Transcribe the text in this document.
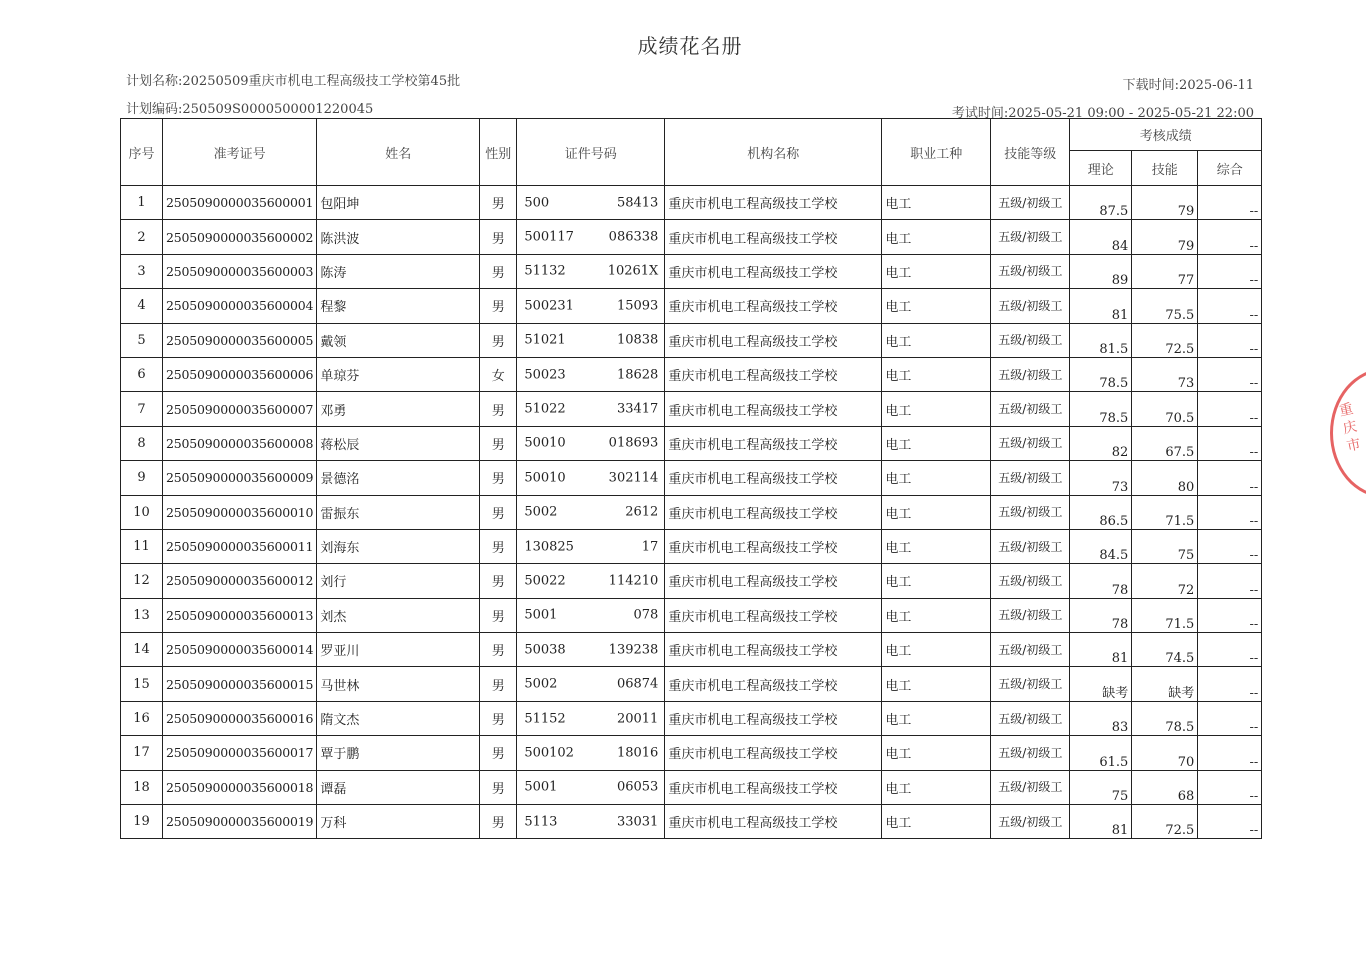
成绩花名册
计划名称:20250509重庆市机电工程高级技工学校第45批
计划编码:250509S0000500001220045
下载时间:2025-06-11
考试时间:2025-05-21 09:00 - 2025-05-21 22:00
序号	准考证号	姓名	性别	证件号码	机构名称	职业工种	技能等级	考核成绩		
								理论	技能	综合
1	2505090000035600001	包阳坤	男	500 58413	重庆市机电工程高级技工学校	电工	五级/初级工	87.5	79	--
2	2505090000035600002	陈洪波	男	500117 086338	重庆市机电工程高级技工学校	电工	五级/初级工	84	79	--
3	2505090000035600003	陈涛	男	51132 10261X	重庆市机电工程高级技工学校	电工	五级/初级工	89	77	--
4	2505090000035600004	程黎	男	500231 15093	重庆市机电工程高级技工学校	电工	五级/初级工	81	75.5	--
5	2505090000035600005	戴领	男	51021 10838	重庆市机电工程高级技工学校	电工	五级/初级工	81.5	72.5	--
6	2505090000035600006	单琼芬	女	50023 18628	重庆市机电工程高级技工学校	电工	五级/初级工	78.5	73	--
7	2505090000035600007	邓勇	男	51022 33417	重庆市机电工程高级技工学校	电工	五级/初级工	78.5	70.5	--
8	2505090000035600008	蒋松辰	男	50010 018693	重庆市机电工程高级技工学校	电工	五级/初级工	82	67.5	--
9	2505090000035600009	景德洺	男	50010 302114	重庆市机电工程高级技工学校	电工	五级/初级工	73	80	--
10	2505090000035600010	雷振东	男	5002 2612	重庆市机电工程高级技工学校	电工	五级/初级工	86.5	71.5	--
11	2505090000035600011	刘海东	男	130825 17	重庆市机电工程高级技工学校	电工	五级/初级工	84.5	75	--
12	2505090000035600012	刘行	男	50022 114210	重庆市机电工程高级技工学校	电工	五级/初级工	78	72	--
13	2505090000035600013	刘杰	男	5001 078	重庆市机电工程高级技工学校	电工	五级/初级工	78	71.5	--
14	2505090000035600014	罗亚川	男	50038 139238	重庆市机电工程高级技工学校	电工	五级/初级工	81	74.5	--
15	2505090000035600015	马世林	男	5002 06874	重庆市机电工程高级技工学校	电工	五级/初级工	缺考	缺考	--
16	2505090000035600016	隋文杰	男	51152 20011	重庆市机电工程高级技工学校	电工	五级/初级工	83	78.5	--
17	2505090000035600017	覃于鹏	男	500102 18016	重庆市机电工程高级技工学校	电工	五级/初级工	61.5	70	--
18	2505090000035600018	谭磊	男	5001 06053	重庆市机电工程高级技工学校	电工	五级/初级工	75	68	--
19	2505090000035600019	万科	男	5113 33031	重庆市机电工程高级技工学校	电工	五级/初级工	81	72.5	--
重庆市
